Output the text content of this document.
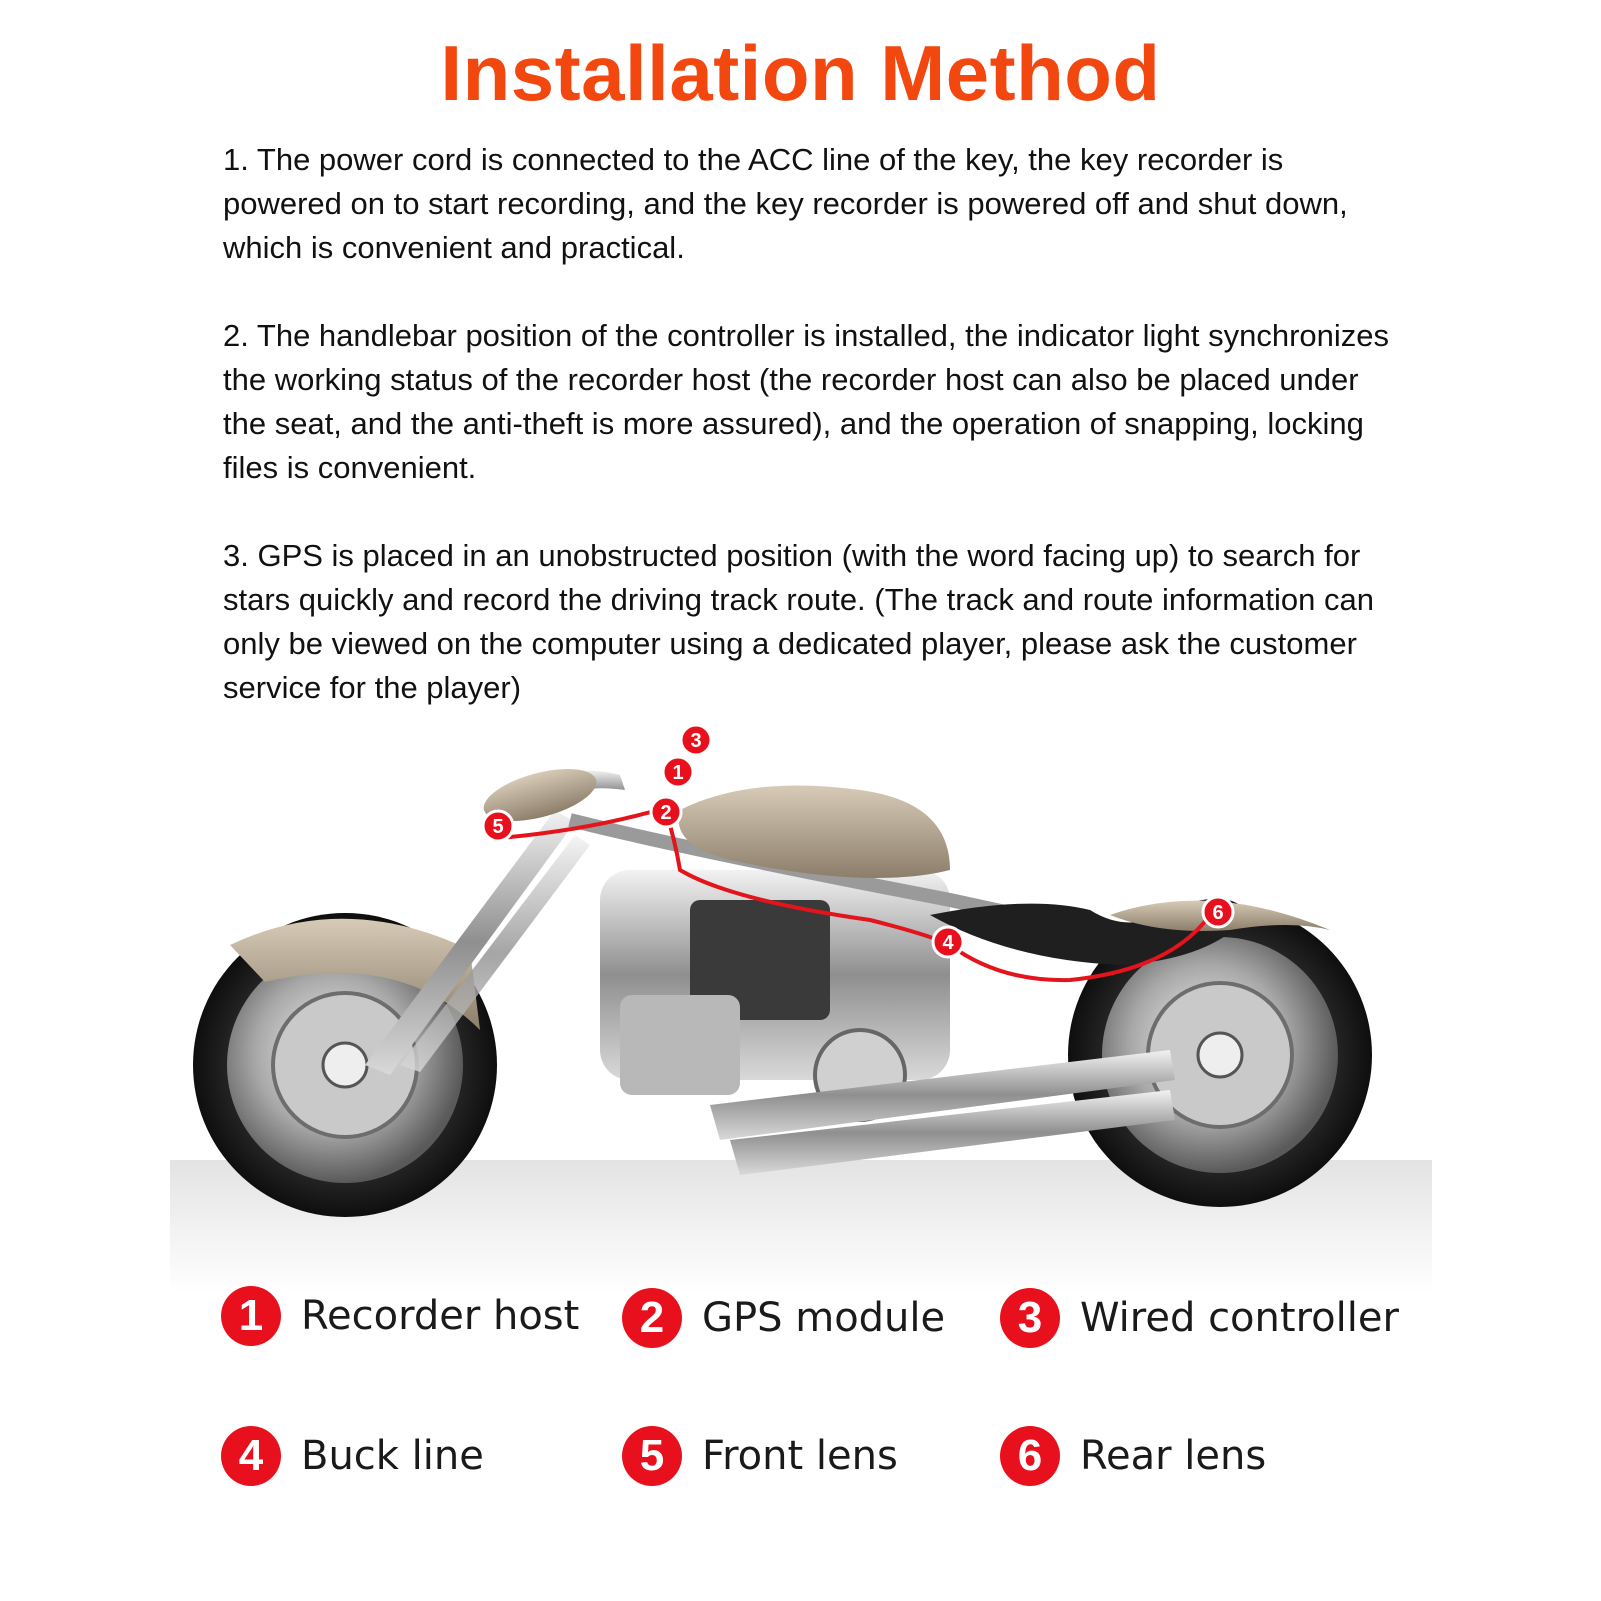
Installation Method
1. The power cord is connected to the ACC line of the key, the key recorder is powered on to start recording, and the key recorder is powered off and shut down, which is convenient and practical.
2. The handlebar position of the controller is installed, the indicator light synchronizes the working status of the recorder host (the recorder host can also be placed under the seat, and the anti-theft is more assured), and the operation of snapping, locking files is convenient.
3. GPS is placed in an unobstructed position (with the word facing up) to search for stars quickly and record the driving track route. (The track and route information can only be viewed on the computer using a dedicated player, please ask the customer service for the player)
1
2
3
4
5
6
1 Recorder host	2 GPS module	3 Wired controller
4 Buck line	5 Front lens	6 Rear lens
